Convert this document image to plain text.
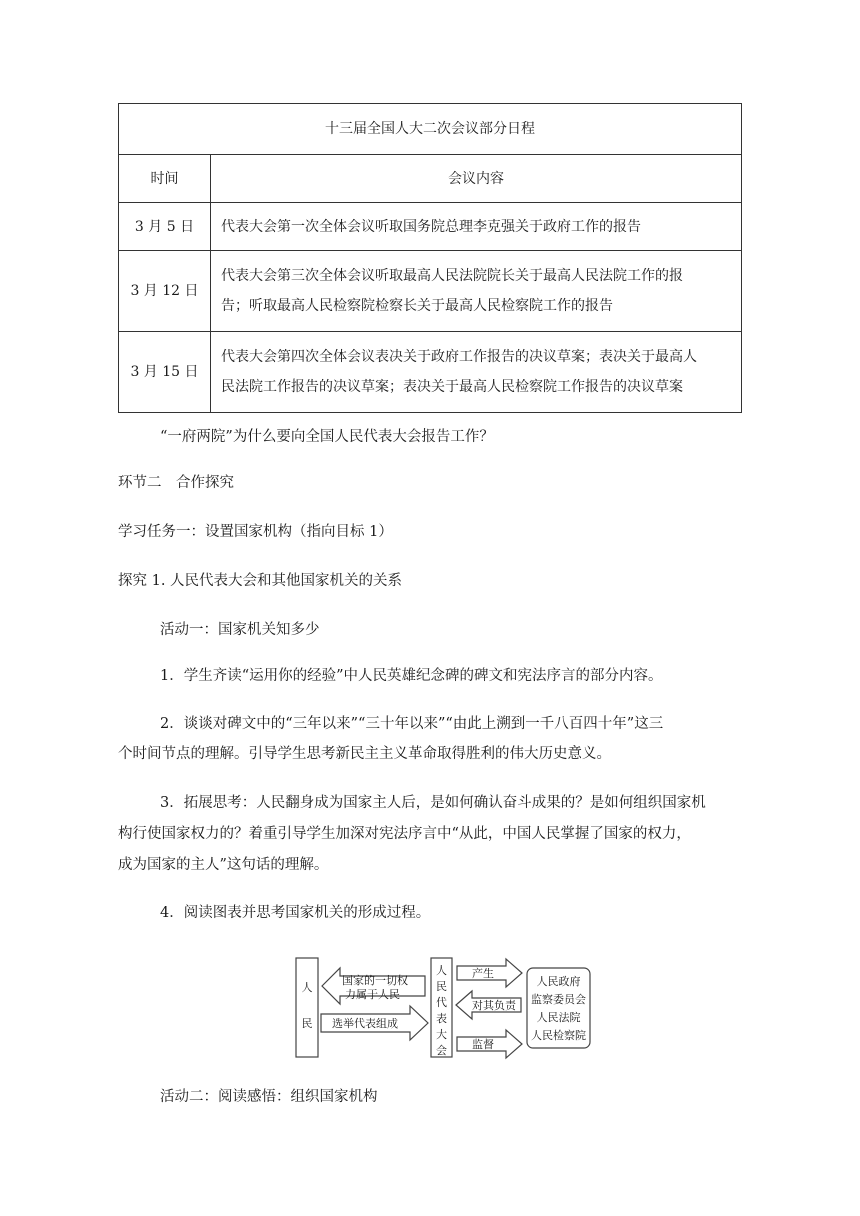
十三届全国人大二次会议部分日程	
时间	会议内容
3 月 5 日	代表大会第一次全体会议听取国务院总理李克强关于政府工作的报告

3 月 12 日	代表大会第三次全体会议听取最高人民法院院长关于最高人民法院工作的报
告；听取最高人民检察院检察长关于最高人民检察院工作的报告

3 月 15 日	代表大会第四次全体会议表决关于政府工作报告的决议草案；表决关于最高人
民法院工作报告的决议草案；表决关于最高人民检察院工作报告的决议草案
“一府两院”为什么要向全国人民代表大会报告工作？
环节二　合作探究
学习任务一：设置国家机构（指向目标 1）
探究 1. 人民代表大会和其他国家机关的关系
活动一：国家机关知多少
1．学生齐读“运用你的经验”中人民英雄纪念碑的碑文和宪法序言的部分内容。
2．谈谈对碑文中的“三年以来”“三十年以来”“由此上溯到一千八百四十年”这三
个时间节点的理解。引导学生思考新民主主义革命取得胜利的伟大历史意义。
3．拓展思考：人民翻身成为国家主人后，是如何确认奋斗成果的？是如何组织国家机
构行使国家权力的？着重引导学生加深对宪法序言中“从此，中国人民掌握了国家的权力，
成为国家的主人”这句话的理解。
4．阅读图表并思考国家机关的形成过程。
人
民
国家的一切权
力属于人民
选举代表组成
人
民
代
表
大
会
产生
对其负责
监督
人民政府
监察委员会
人民法院
人民检察院
活动二：阅读感悟：组织国家机构
